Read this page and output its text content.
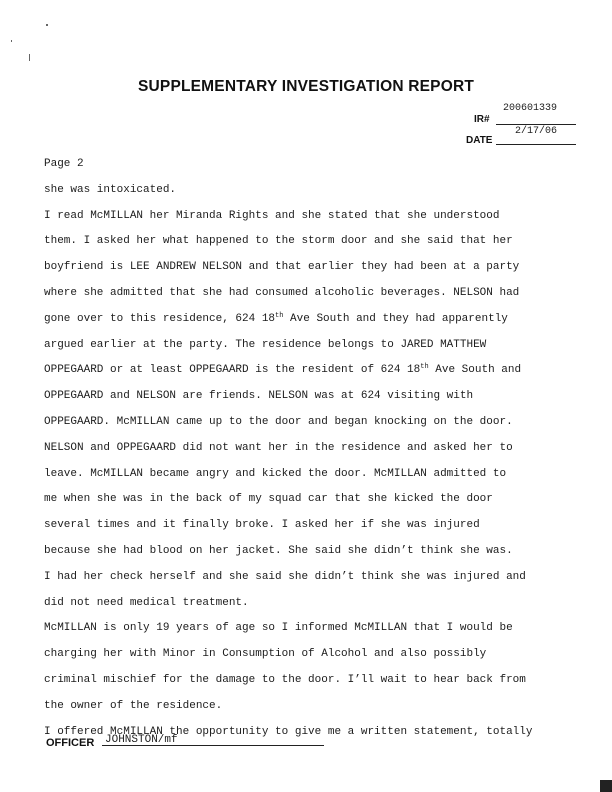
SUPPLEMENTARY INVESTIGATION REPORT
IR#
200601339
DATE
2/17/06

Page 2

she was intoxicated.

I read McMILLAN her Miranda Rights and she stated that she understood

them. I asked her what happened to the storm door and she said that her

boyfriend is LEE ANDREW NELSON and that earlier they had been at a party

where she admitted that she had consumed alcoholic beverages. NELSON had

gone over to this residence, 624 18th Ave South and they had apparently

argued earlier at the party. The residence belongs to JARED MATTHEW

OPPEGAARD or at least OPPEGAARD is the resident of 624 18th Ave South and

OPPEGAARD and NELSON are friends. NELSON was at 624 visiting with

OPPEGAARD. McMILLAN came up to the door and began knocking on the door.

NELSON and OPPEGAARD did not want her in the residence and asked her to

leave. McMILLAN became angry and kicked the door. McMILLAN admitted to

me when she was in the back of my squad car that she kicked the door

several times and it finally broke. I asked her if she was injured

because she had blood on her jacket. She said she didn’t think she was.

I had her check herself and she said she didn’t think she was injured and

did not need medical treatment.

McMILLAN is only 19 years of age so I informed McMILLAN that I would be

charging her with Minor in Consumption of Alcohol and also possibly

criminal mischief for the damage to the door. I’ll wait to hear back from

the owner of the residence.

I offered McMILLAN the opportunity to give me a written statement, totally

OFFICER JOHNSTON/mf
